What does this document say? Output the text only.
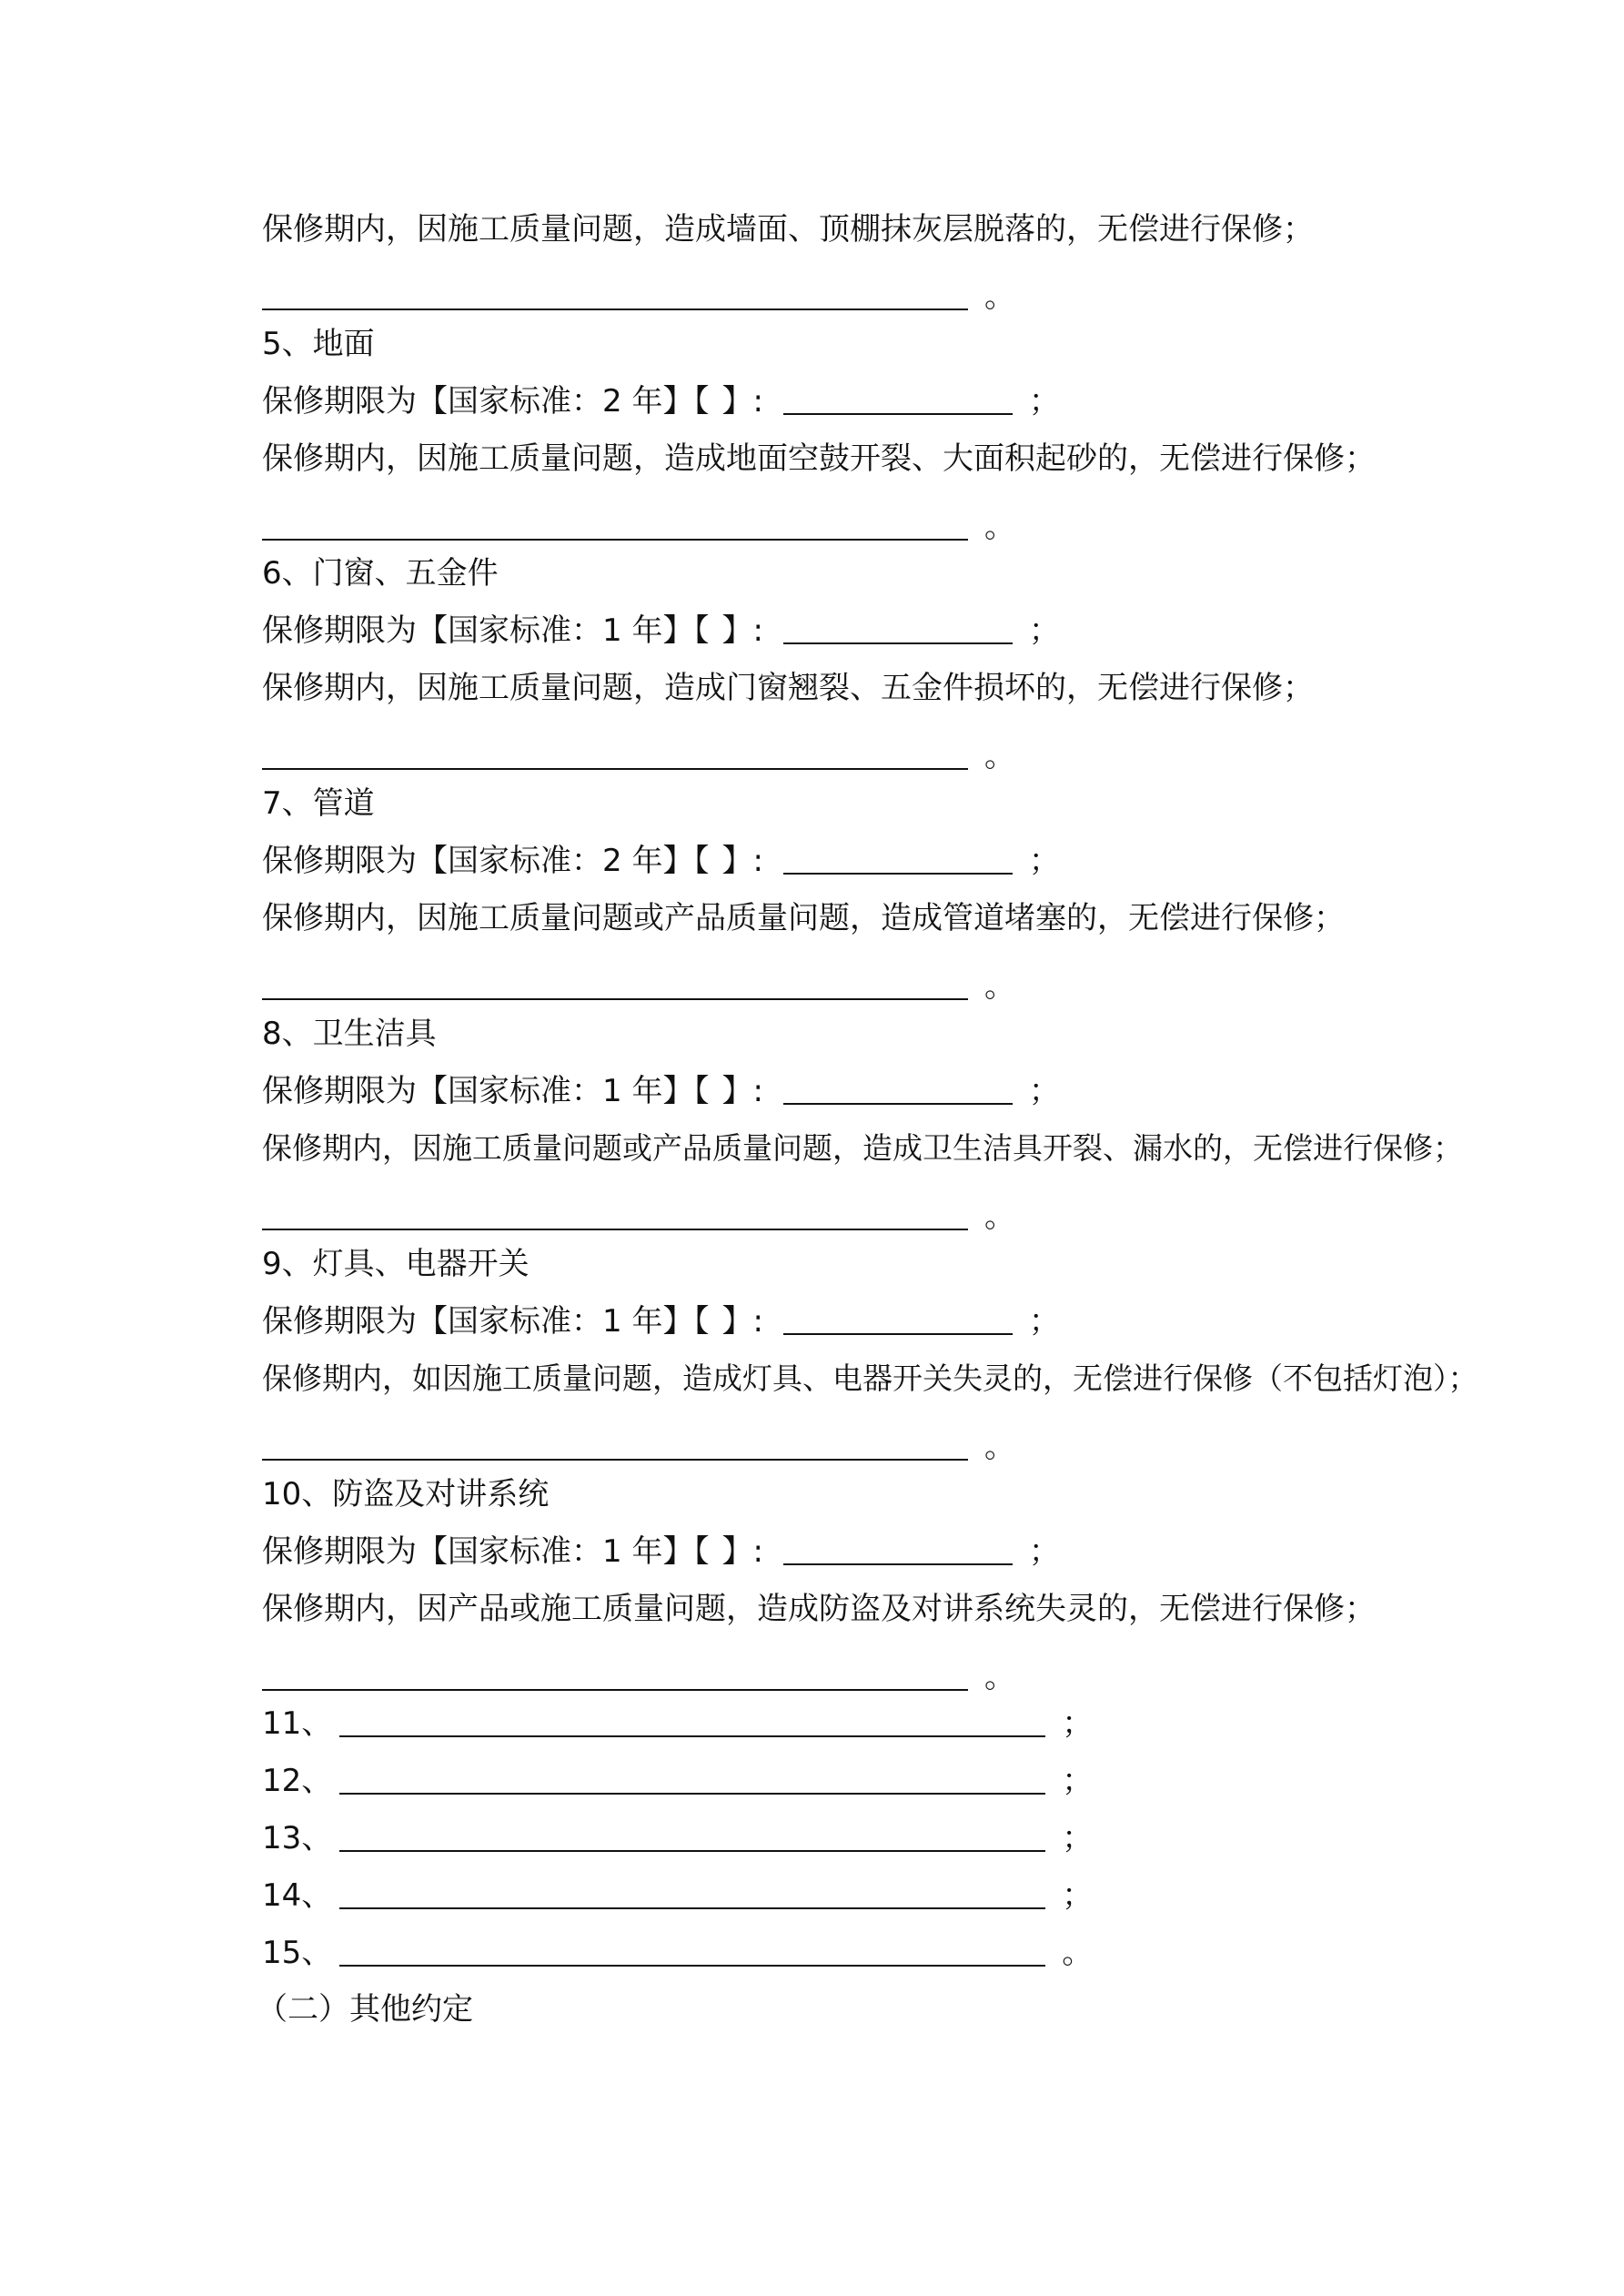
保修期内，因施工质量问题，造成墙面、顶棚抹灰层脱落的，无偿进行保修；
。
5、地面
保修期限为【国家标准：2 年】【 】:	；
保修期内，因施工质量问题，造成地面空鼓开裂、大面积起砂的，无偿进行保修；
。
6、门窗、五金件
保修期限为【国家标准：1 年】【 】:	；
保修期内，因施工质量问题，造成门窗翘裂、五金件损坏的，无偿进行保修；
。
7、管道
保修期限为【国家标准：2 年】【 】:	；
保修期内，因施工质量问题或产品质量问题，造成管道堵塞的，无偿进行保修；
。
8、卫生洁具
保修期限为【国家标准：1 年】【 】:	；
保修期内，因施工质量问题或产品质量问题，造成卫生洁具开裂、漏水的，无偿进行保修；
。
9、灯具、电器开关
保修期限为【国家标准：1 年】【 】:	；
保修期内，如因施工质量问题，造成灯具、电器开关失灵的，无偿进行保修（不包括灯泡）；
。
10、防盗及对讲系统
保修期限为【国家标准：1 年】【 】:	；
保修期内，因产品或施工质量问题，造成防盗及对讲系统失灵的，无偿进行保修；
。
11、	；
12、	；
13、	；
14、	；
15、	。
（二）其他约定
